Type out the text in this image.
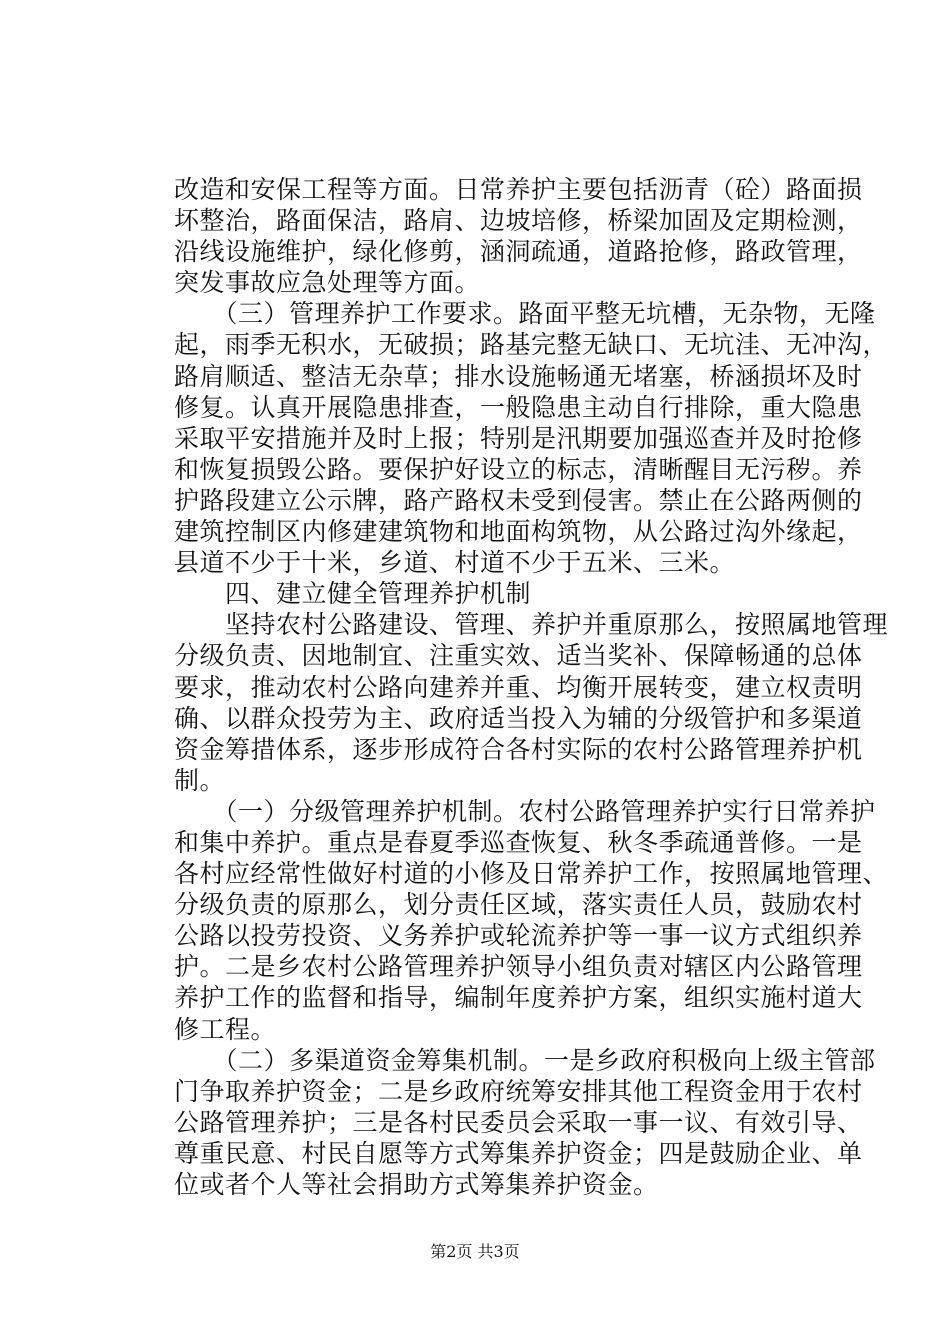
改造和安保工程等方面。日常养护主要包括沥青（砼）路面损
坏整治，路面保洁，路肩、边坡培修，桥梁加固及定期检测，
沿线设施维护，绿化修剪，涵洞疏通，道路抢修，路政管理，
突发事故应急处理等方面。
　　（三）管理养护工作要求。路面平整无坑槽，无杂物，无隆
起，雨季无积水，无破损；路基完整无缺口、无坑洼、无冲沟，
路肩顺适、整洁无杂草；排水设施畅通无堵塞，桥涵损坏及时
修复。认真开展隐患排查，一般隐患主动自行排除，重大隐患
采取平安措施并及时上报；特别是汛期要加强巡查并及时抢修
和恢复损毁公路。要保护好设立的标志，清晰醒目无污秽。养
护路段建立公示牌，路产路权未受到侵害。禁止在公路两侧的
建筑控制区内修建建筑物和地面构筑物，从公路过沟外缘起，
县道不少于十米，乡道、村道不少于五米、三米。
　　四、建立健全管理养护机制
　　坚持农村公路建设、管理、养护并重原那么，按照属地管理
分级负责、因地制宜、注重实效、适当奖补、保障畅通的总体
要求，推动农村公路向建养并重、均衡开展转变，建立权责明
确、以群众投劳为主、政府适当投入为辅的分级管护和多渠道
资金筹措体系，逐步形成符合各村实际的农村公路管理养护机
制。
　　（一）分级管理养护机制。农村公路管理养护实行日常养护
和集中养护。重点是春夏季巡查恢复、秋冬季疏通普修。一是
各村应经常性做好村道的小修及日常养护工作，按照属地管理、
分级负责的原那么，划分责任区域，落实责任人员，鼓励农村
公路以投劳投资、义务养护或轮流养护等一事一议方式组织养
护。二是乡农村公路管理养护领导小组负责对辖区内公路管理
养护工作的监督和指导，编制年度养护方案，组织实施村道大
修工程。
　　（二）多渠道资金筹集机制。一是乡政府积极向上级主管部
门争取养护资金；二是乡政府统筹安排其他工程资金用于农村
公路管理养护；三是各村民委员会采取一事一议、有效引导、
尊重民意、村民自愿等方式筹集养护资金；四是鼓励企业、单
位或者个人等社会捐助方式筹集养护资金。
第2页 共3页
